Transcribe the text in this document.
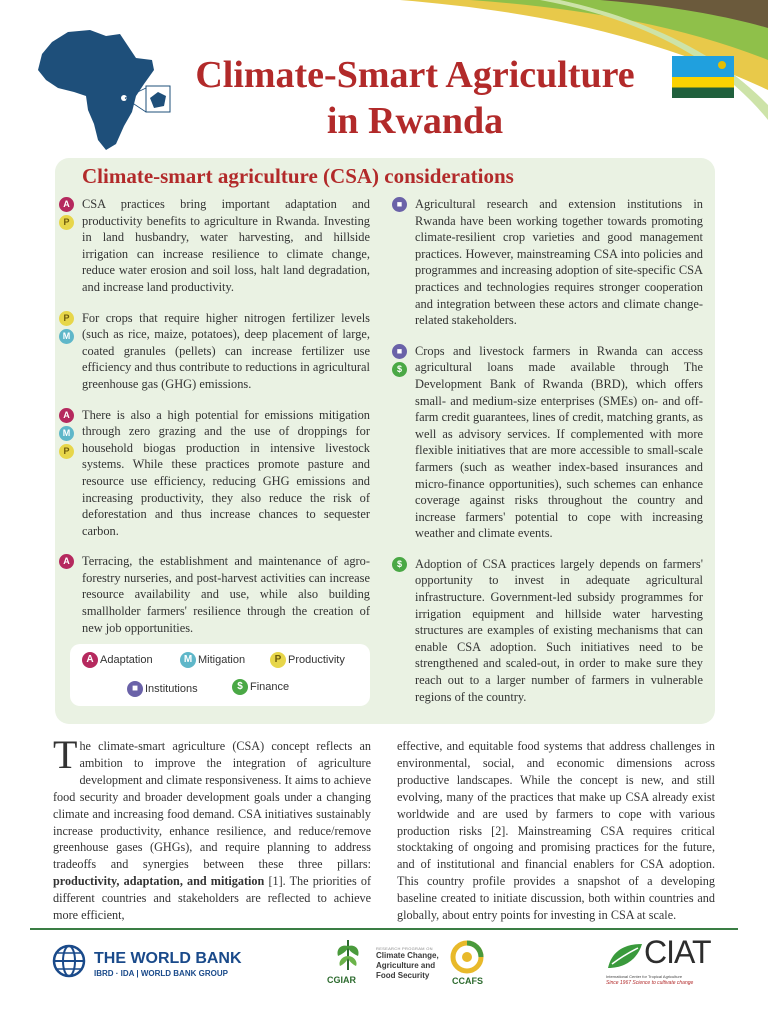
Climate-Smart Agriculture
in Rwanda
Climate-smart agriculture (CSA) considerations
A
P

CSA practices bring important adaptation and productivity benefits to agriculture in Rwanda. Investing in land husbandry, water harvesting, and hillside irrigation can increase resilience to climate change, reduce water erosion and soil loss, halt land degradation, and increase land productivity.

P
M

For crops that require higher nitrogen fertilizer levels (such as rice, maize, potatoes), deep placement of large, coated granules (pellets) can increase fertilizer use efficiency and thus contribute to reductions in agricultural greenhouse gas (GHG) emissions.

A
M
P

There is also a high potential for emissions mitigation through zero grazing and the use of droppings for household biogas production in intensive livestock systems. While these practices promote pasture and resource use efficiency, reducing GHG emissions and increasing productivity, they also reduce the risk of deforestation and thus increase chances to sequester carbon.

A Terracing, the establishment and maintenance of agro-forestry nurseries, and post-harvest activities can increase resource availability and use, while also building smallholder farmers' resilience through the creation of new job opportunities.

■	Agricultural research and extension institutions in Rwanda have been working together towards promoting climate-resilient crop varieties and good management practices. However, mainstreaming CSA into policies and programmes and increasing adoption of site-specific CSA practices and technologies requires stronger cooperation and integration between these actors and climate change-related stakeholders.

■
$

Crops and livestock farmers in Rwanda can access agricultural loans made available through The Development Bank of Rwanda (BRD), which offers small- and medium-size enterprises (SMEs) on- and off-farm credit guarantees, lines of credit, matching grants, as well as advisory services. If complemented with more flexible initiatives that are more accessible to small-scale farmers (such as weather index-based insurances and micro-finance opportunities), such schemes can enhance coverage against risks throughout the country and increase farmers' potential to cope with increasing weather and climate events.

$	Adoption of CSA practices largely depends on farmers' opportunity to invest in adequate agricultural infrastructure. Government-led subsidy programmes for irrigation equipment and hillside water harvesting structures are examples of existing mechanisms that can enable CSA adoption. Such initiatives need to be strengthened and scaled-out, in order to make sure they reach out to a larger number of farmers in vulnerable regions of the country.

A Adaptation	M Mitigation	P Productivity
■ Institutions	$ Finance
The climate-smart agriculture (CSA) concept reflects an ambition to improve the integration of agriculture development and climate responsiveness. It aims to achieve food security and broader development goals under a changing climate and increasing food demand. CSA initiatives sustainably increase productivity, enhance resilience, and reduce/remove greenhouse gases (GHGs), and require planning to address tradeoffs and synergies between these three pillars: productivity, adaptation, and mitigation [1]. The priorities of different countries and stakeholders are reflected to achieve more efficient,
effective, and equitable food systems that address challenges in environmental, social, and economic dimensions across productive landscapes. While the concept is new, and still evolving, many of the practices that make up CSA already exist worldwide and are used by farmers to cope with various production risks [2]. Mainstreaming CSA requires critical stocktaking of ongoing and promising practices for the future, and of institutional and financial enablers for CSA adoption. This country profile provides a snapshot of a developing baseline created to initiate discussion, both within countries and globally, about entry points for investing in CSA at scale.
THE WORLD BANK
IBRD · IDA | WORLD BANK GROUP
CGIAR
RESEARCH PROGRAM ON
Climate Change,
Agriculture and
Food Security
CCAFS
CIAT
International Center for Tropical Agriculture
Since 1967 Science to cultivate change
